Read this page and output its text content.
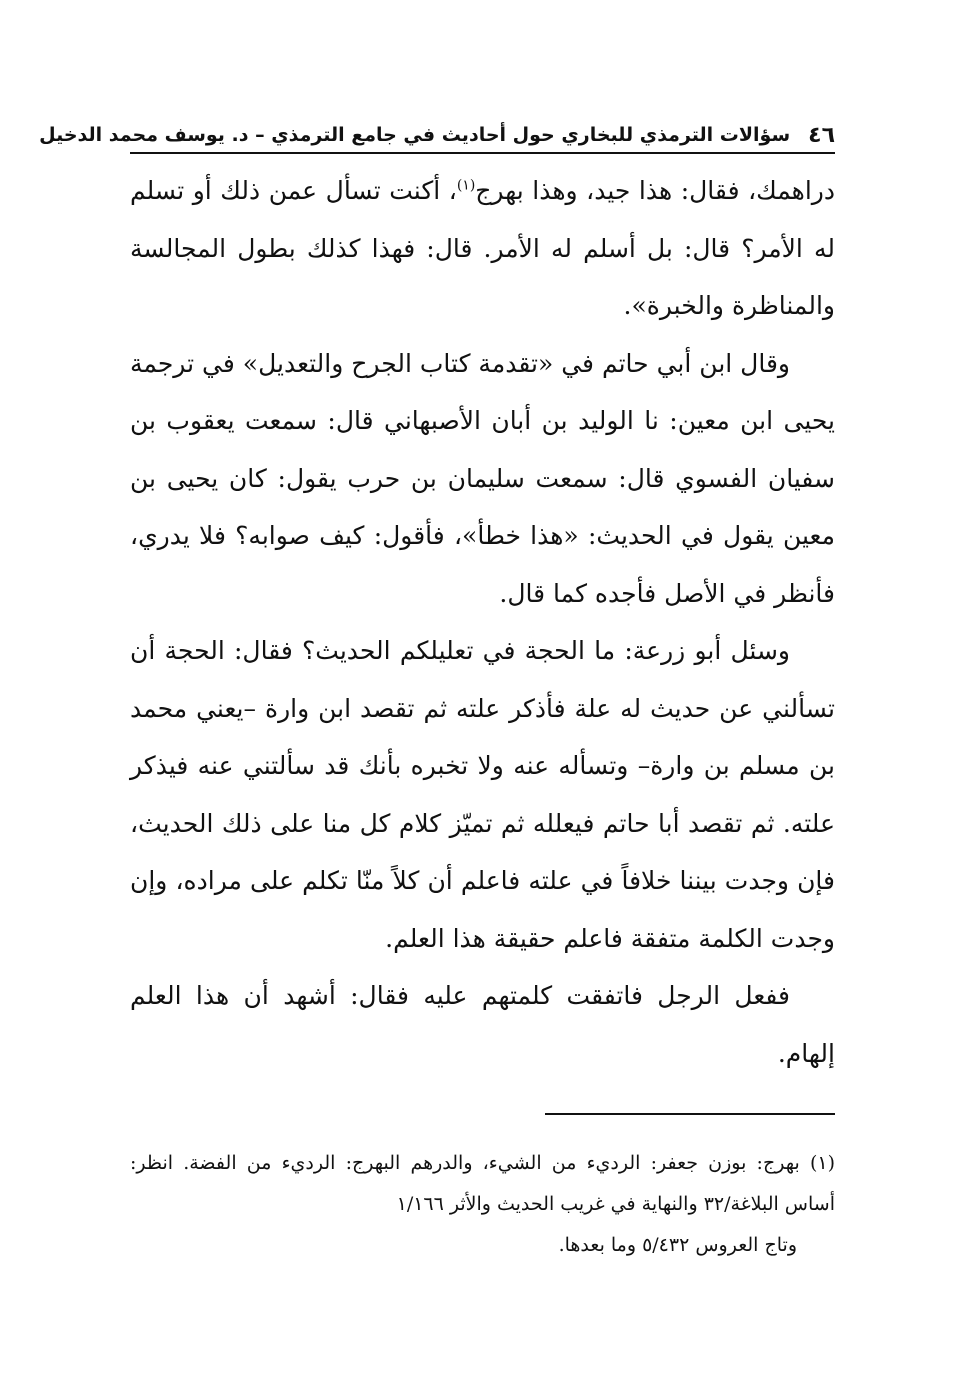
٤٦
سؤالات الترمذي للبخاري حول أحاديث في جامع الترمذي – د. يوسف محمد الدخيل

دراهمك، فقال: هذا جيد، وهذا بهرج$^{(١)}$، أكنت تسأل عمن ذلك أو تسلم له الأمر؟ قال: بل أسلم له الأمر. قال: فهذا كذلك بطول المجالسة والمناظرة والخبرة».

وقال ابن أبي حاتم في «تقدمة كتاب الجرح والتعديل» في ترجمة يحيى ابن معين: نا الوليد بن أبان الأصبهاني قال: سمعت يعقوب بن سفيان الفسوي قال: سمعت سليمان بن حرب يقول: كان يحيى بن معين يقول في الحديث: «هذا خطأ»، فأقول: كيف صوابه؟ فلا يدري، فأنظر في الأصل فأجده كما قال.

وسئل أبو زرعة: ما الحجة في تعليلكم الحديث؟ فقال: الحجة أن تسألني عن حديث له علة فأذكر علته ثم تقصد ابن وارة –يعني محمد بن مسلم بن وارة– وتسأله عنه ولا تخبره بأنك قد سألتني عنه فيذكر علته. ثم تقصد أبا حاتم فيعلله ثم تميّز كلام كل منا على ذلك الحديث، فإن وجدت بيننا خلافاً في علته فاعلم أن كلاً منّا تكلم على مراده، وإن وجدت الكلمة متفقة فاعلم حقيقة هذا العلم.

ففعل الرجل فاتفقت كلمتهم عليه فقال: أشهد أن هذا العلم إلهام.

(١) بهرج: بوزن جعفر: الرديء من الشيء، والدرهم البهرج: الرديء من الفضة. انظر: أساس البلاغة/٣٢ والنهاية في غريب الحديث والأثر ١/١٦٦

وتاج العروس ٥/٤٣٢ وما بعدها.
